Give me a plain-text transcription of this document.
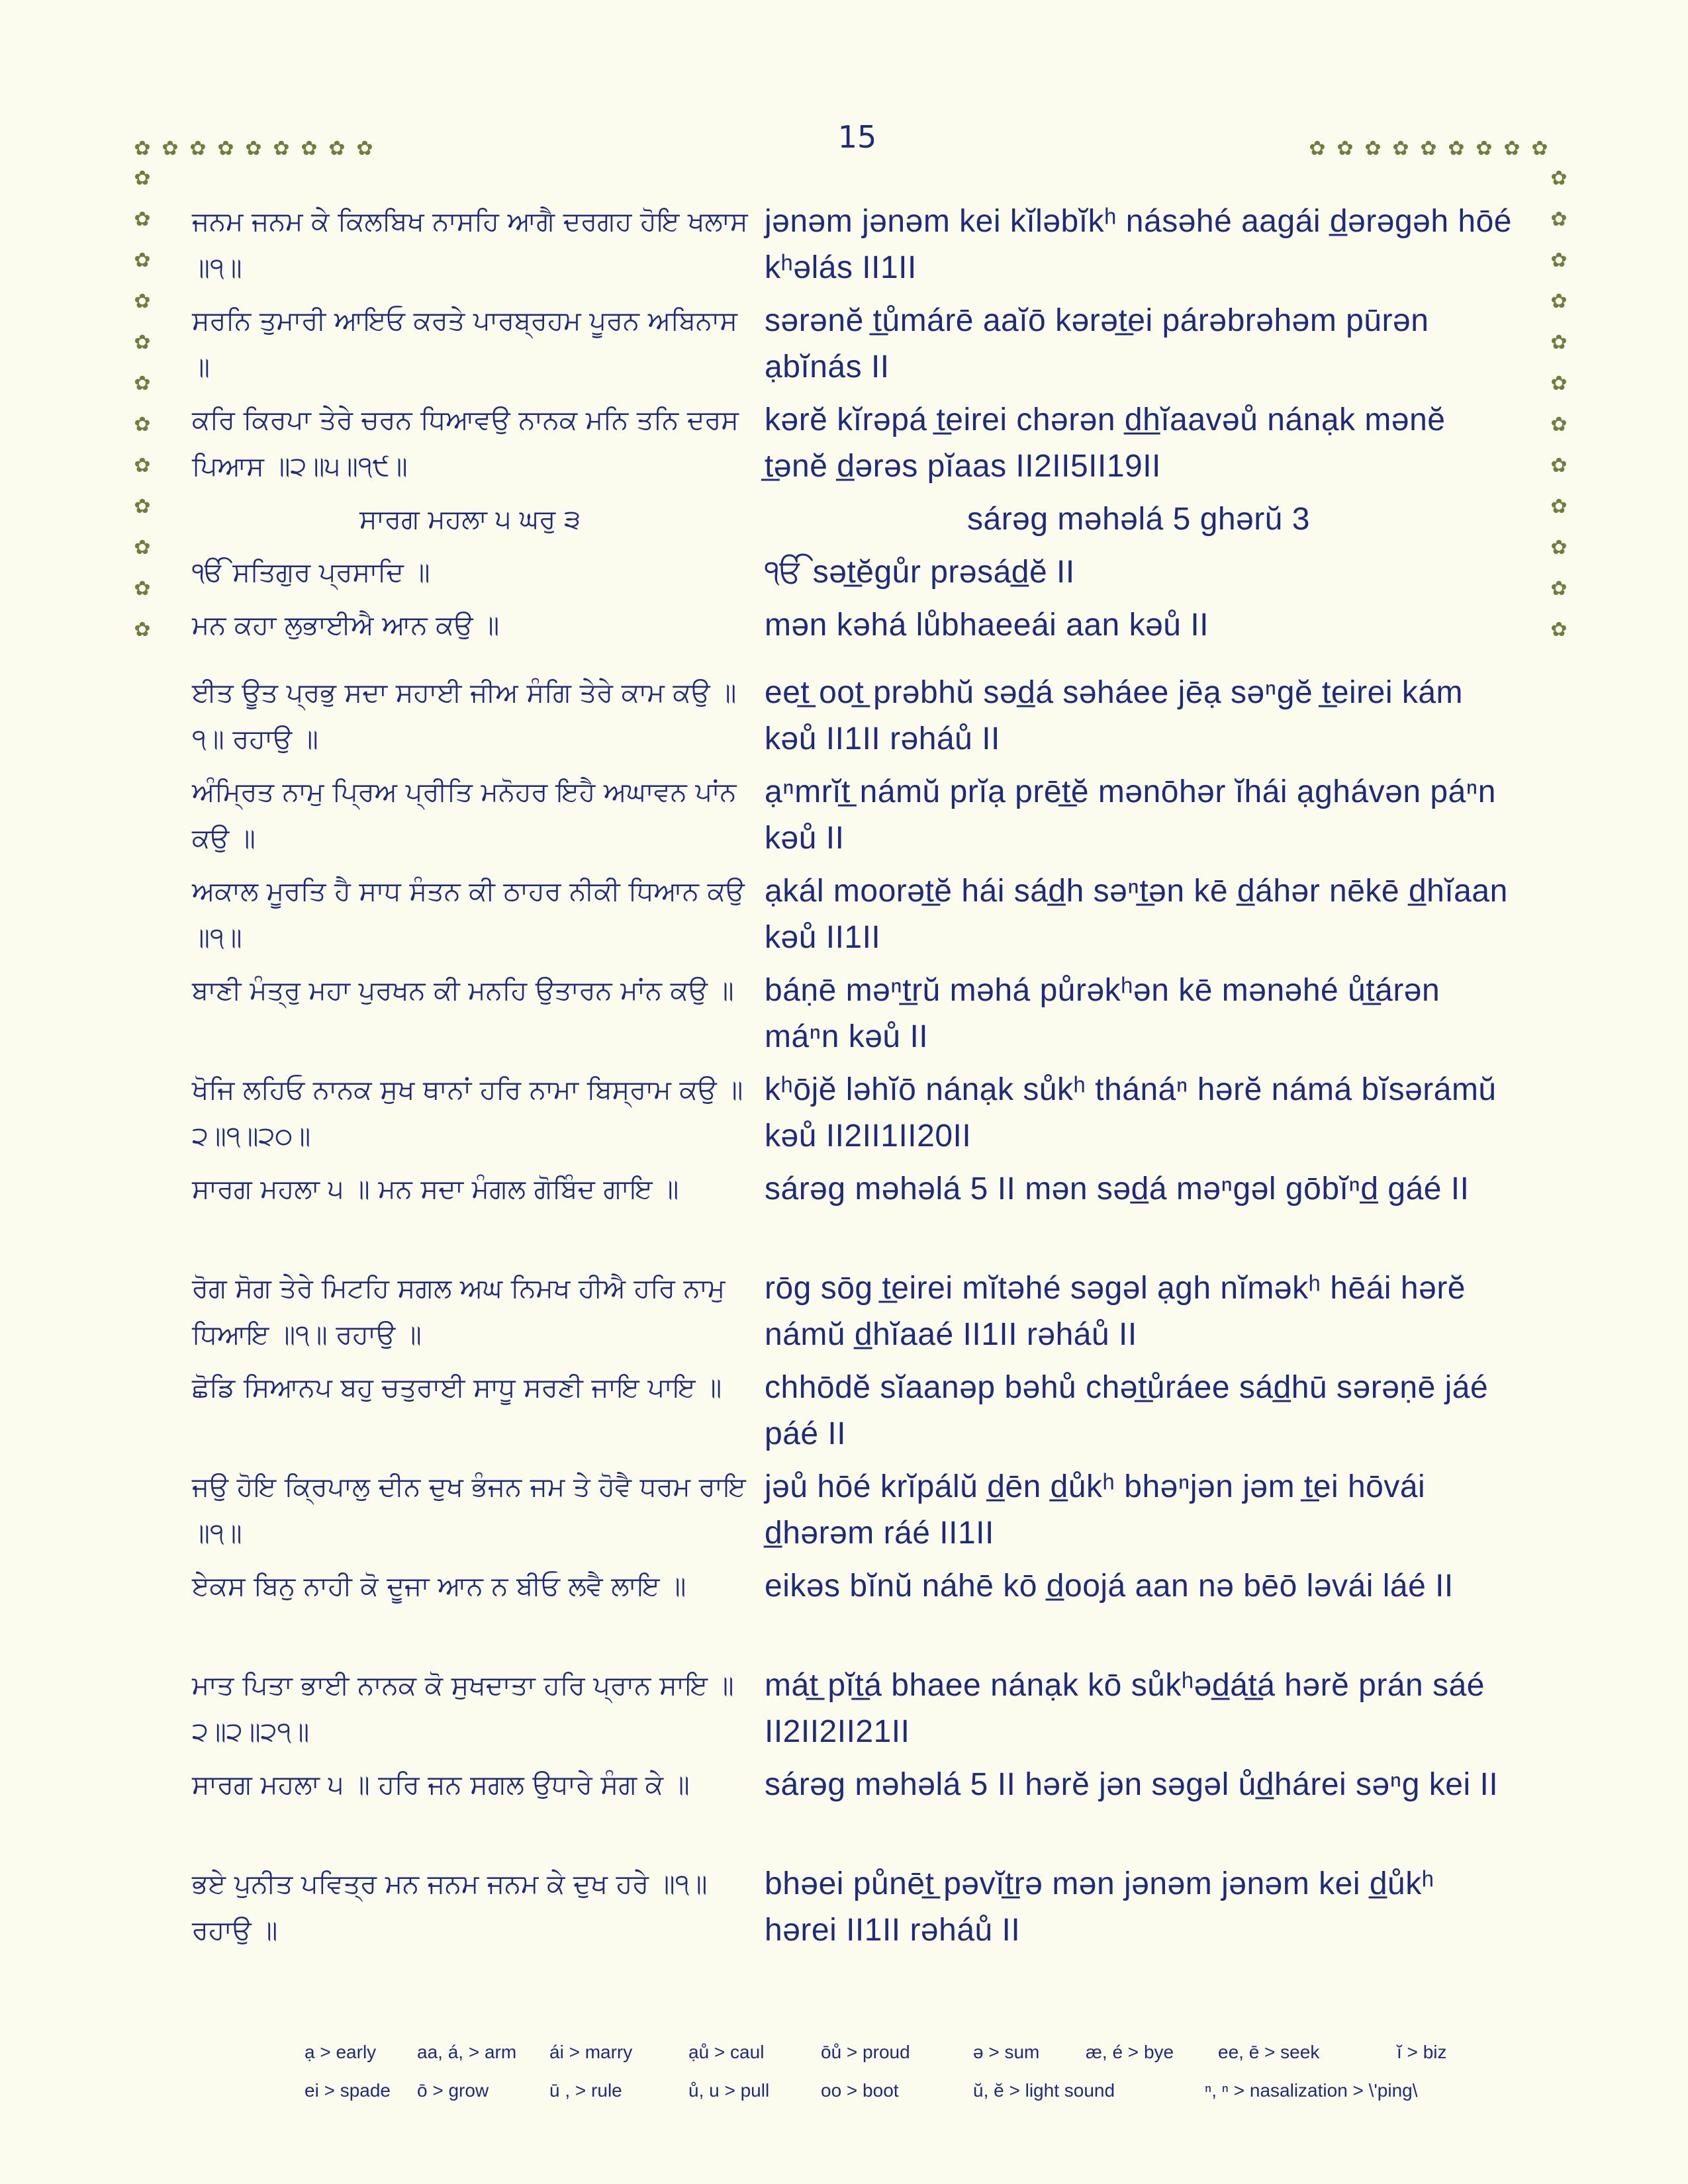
15
✿ ✿ ✿ ✿ ✿ ✿ ✿ ✿ ✿	✿ ✿ ✿ ✿ ✿ ✿ ✿ ✿ ✿
✿
✿
✿
✿
✿
✿
✿
✿
✿
✿
✿
✿
✿
✿
✿
✿
✿
✿
✿
✿
✿
✿
✿
✿
ਜਨਮ ਜਨਮ ਕੇ ਕਿਲਬਿਖ ਨਾਸਹਿ ਆਗੈ ਦਰਗਹ ਹੋਇ ਖਲਾਸ ॥੧॥
jənəm jənəm kei kĭləbĭkʰ násəhé aagái d̲ərəgəh hōé kʰəlás II1II
ਸਰਨਿ ਤੁਮਾਰੀ ਆਇਓ ਕਰਤੇ ਪਾਰਬ੍ਰਹਮ ਪੂਰਨ ਅਬਿਨਾਸ ॥
sərənĕ t̲ůmárē aaĭō kərət̲ei párəbrəhəm pūrən ạbĭnás II
ਕਰਿ ਕਿਰਪਾ ਤੇਰੇ ਚਰਨ ਧਿਆਵਉ ਨਾਨਕ ਮਨਿ ਤਨਿ ਦਰਸ ਪਿਆਸ ॥੨॥੫॥੧੯॥
kərĕ kĭrəpá t̲eirei chərən d̲h̲ĭaavəů nánạk mənĕ t̲ənĕ d̲ərəs pĭaas II2II5II19II
ਸਾਰਗ ਮਹਲਾ ੫ ਘਰੁ ੩	sárəg məhəlá 5 ghərŭ 3
ੴ ਸਤਿਗੁਰ ਪ੍ਰਸਾਦਿ ॥	ੴ sət̲ĕgůr prəsád̲ĕ II
ਮਨ ਕਹਾ ਲੁਭਾਈਐ ਆਨ ਕਉ ॥	mən kəhá lůbhaeeái aan kəů II
ਈਤ ਊਤ ਪ੍ਰਭੁ ਸਦਾ ਸਹਾਈ ਜੀਅ ਸੰਗਿ ਤੇਰੇ ਕਾਮ ਕਉ ॥੧॥ ਰਹਾਉ ॥
eet̲ oot̲ prəbhŭ səd̲á səháee jēạ səⁿgĕ t̲eirei kám kəů II1II rəháů II
ਅੰਮ੍ਰਿਤ ਨਾਮੁ ਪ੍ਰਿਅ ਪ੍ਰੀਤਿ ਮਨੋਹਰ ਇਹੈ ਅਘਾਵਨ ਪਾਂਨ ਕਉ ॥
ạⁿmrĭt̲ námŭ prĭạ prēt̲ĕ mənōhər ĭhái ạghávən páⁿn kəů II
ਅਕਾਲ ਮੂਰਤਿ ਹੈ ਸਾਧ ਸੰਤਨ ਕੀ ਠਾਹਰ ਨੀਕੀ ਧਿਆਨ ਕਉ ॥੧॥
ạkál moorət̲ĕ hái sád̲h səⁿt̲ən kē d̲áhər nēkē d̲hĭaan kəů II1II
ਬਾਣੀ ਮੰਤ੍ਰੁ ਮਹਾ ਪੁਰਖਨ ਕੀ ਮਨਹਿ ਉਤਾਰਨ ਮਾਂਨ ਕਉ ॥ báṇē məⁿt̲rŭ məhá půrəkʰən kē mənəhé ůt̲árən máⁿn kəů II
ਖੋਜਿ ਲਹਿਓ ਨਾਨਕ ਸੁਖ ਥਾਨਾਂ ਹਰਿ ਨਾਮਾ ਬਿਸ੍ਰਾਮ ਕਉ ॥੨॥੧॥੨੦॥
kʰōjĕ ləhĭō nánạk sůkʰ thánáⁿ hərĕ námá bĭsərámŭ kəů II2II1II20II
ਸਾਰਗ ਮਹਲਾ ੫ ॥ ਮਨ ਸਦਾ ਮੰਗਲ ਗੋਬਿੰਦ ਗਾਇ ॥	sárəg məhəlá 5 II mən səd̲á məⁿgəl gōbĭⁿd̲ gáé II
ਰੋਗ ਸੋਗ ਤੇਰੇ ਮਿਟਹਿ ਸਗਲ ਅਘ ਨਿਮਖ ਹੀਐ ਹਰਿ ਨਾਮੁ ਧਿਆਇ ॥੧॥ ਰਹਾਉ ॥
rōg sōg t̲eirei mĭtəhé səgəl ạgh nĭməkʰ hēái hərĕ námŭ d̲hĭaaé II1II rəháů II
ਛੋਡਿ ਸਿਆਨਪ ਬਹੁ ਚਤੁਰਾਈ ਸਾਧੂ ਸਰਣੀ ਜਾਇ ਪਾਇ ॥	chhōdĕ sĭaanəp bəhů chət̲ůráee sád̲hū sərəṇē jáé páé II
ਜਉ ਹੋਇ ਕ੍ਰਿਪਾਲੁ ਦੀਨ ਦੁਖ ਭੰਜਨ ਜਮ ਤੇ ਹੋਵੈ ਧਰਮ ਰਾਇ ॥੧॥
jəů hōé krĭpálŭ d̲ēn d̲ůkʰ bhəⁿjən jəm t̲ei hōvái d̲hərəm ráé II1II
ਏਕਸ ਬਿਨੁ ਨਾਹੀ ਕੋ ਦੂਜਾ ਆਨ ਨ ਬੀਓ ਲਵੈ ਲਾਇ ॥	eikəs bĭnŭ náhē kō d̲oojá aan nə bēō ləvái láé II
ਮਾਤ ਪਿਤਾ ਭਾਈ ਨਾਨਕ ਕੋ ਸੁਖਦਾਤਾ ਹਰਿ ਪ੍ਰਾਨ ਸਾਇ ॥੨॥੨॥੨੧॥
mát̲ pĭt̲á bhaee nánạk kō sůkʰəd̲át̲á hərĕ prán sáé II2II2II21II
ਸਾਰਗ ਮਹਲਾ ੫ ॥ ਹਰਿ ਜਨ ਸਗਲ ਉਧਾਰੇ ਸੰਗ ਕੇ ॥	sárəg məhəlá 5 II hərĕ jən səgəl ůd̲hárei səⁿg kei II
ਭਏ ਪੁਨੀਤ ਪਵਿਤ੍ਰ ਮਨ ਜਨਮ ਜਨਮ ਕੇ ਦੁਖ ਹਰੇ ॥੧॥ ਰਹਾਉ ॥
bhəei půnēt̲ pəvĭt̲rə mən jənəm jənəm kei d̲ůkʰ hərei II1II rəháů II
ạ > early aa, á, > arm ái > marry	ạů > caul	ōů > proud	ə > sum æ, é > bye ee, ē > seek	ĭ > biz
ei > spade ō > grow	ū , > rule	ů, u > pull	oo > boot	ŭ, ĕ > light sound	ⁿ, ⁿ > nasalization > \'ping\
